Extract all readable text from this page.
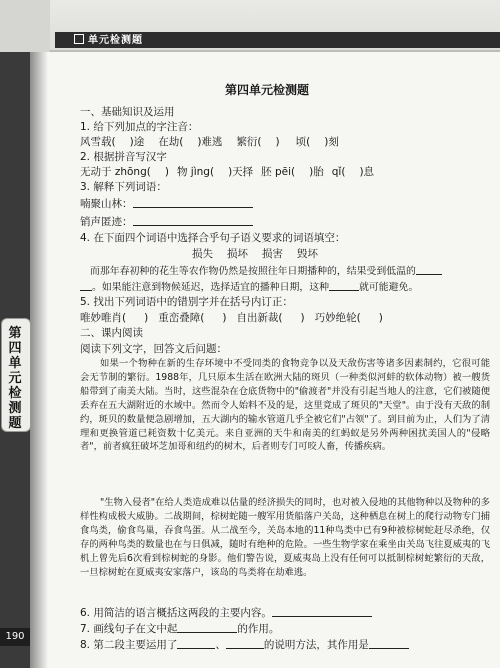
单元检测题
第四单元检测题
190
第四单元检测题
一、基础知识及运用
1. 给下列加点的字注音：
风雪载( )途 在劫( )难逃 繁衍( ) 顷( )刻
2. 根据拼音写汉字
无动于 zhōng( ) 物 jìng( )天择 胚 pēi( )胎 qǐ( )息
3. 解释下列词语：
喃聚山林：
销声匿迹：
4. 在下面四个词语中选择合乎句子语义要求的词语填空：
损失 损坏 损害 毁坏
而那年春初种的花生等农作物仍然是按照往年日期播种的，结果受到低温的
。如果能注意到物候延迟，选择适宜的播种日期，这种	就可能避免。
5. 找出下列词语中的错别字并在括号内订正：
唯妙唯肖( ) 重峦叠障( ) 自出新裁( ) 巧妙绝轮( )
二、课内阅读
阅读下列文字，回答文后问题：
如果一个物种在新的生存环境中不受同类的食物竞争以及天敌伤害等诸多因素制约，它很可能会无节制的繁衍。1988年，几只原本生活在欧洲大陆的斑贝（一种类似河蚌的软体动物）被一艘货船带到了南美大陆。当时，这些混杂在仓底货物中的"偷渡者"并没有引起当地人的注意，它们被随便丢弃在五大湖附近的水域中。然而令人始料不及的是，这里竟成了斑贝的"天堂"。由于没有天敌的制约，斑贝的数量便急剧增加，五大湖内的输水管道几乎全被它们"占领"了。到目前为止，人们为了清理和更换管道已耗资数十亿美元。来自亚洲的天牛和南美的红蚂蚁是另外两种困扰美国人的"侵略者"，前者疯狂破坏芝加哥和纽约的树木，后者则专门可咬人畜，传播疾病。
"生物入侵者"在给人类造成难以估量的经济损失的同时，也对被入侵地的其他物种以及物种的多样性构成极大威胁。二战期间，棕树蛇随一艘军用货船落户关岛，这种栖息在树上的爬行动物专门捕食鸟类，偷食鸟巢，吞食鸟蛋。从二战至今，关岛本地的11种鸟类中已有9种被棕树蛇赶尽杀绝，仅存的两种鸟类的数量也在与日俱减，随时有绝种的危险。一些生物学家在乘坐由关岛飞往夏威夷的飞机上曾先后6次看到棕树蛇的身影。他们警告说，夏威夷岛上没有任何可以抵制棕树蛇繁衍的天敌，一旦棕树蛇在夏威夷安家落户，该岛的鸟类将在劫难逃。
6. 用简洁的语言概括这两段的主要内容。
7. 画线句子在文中起	的作用。
8. 第二段主要运用了	、	的说明方法，其作用是
